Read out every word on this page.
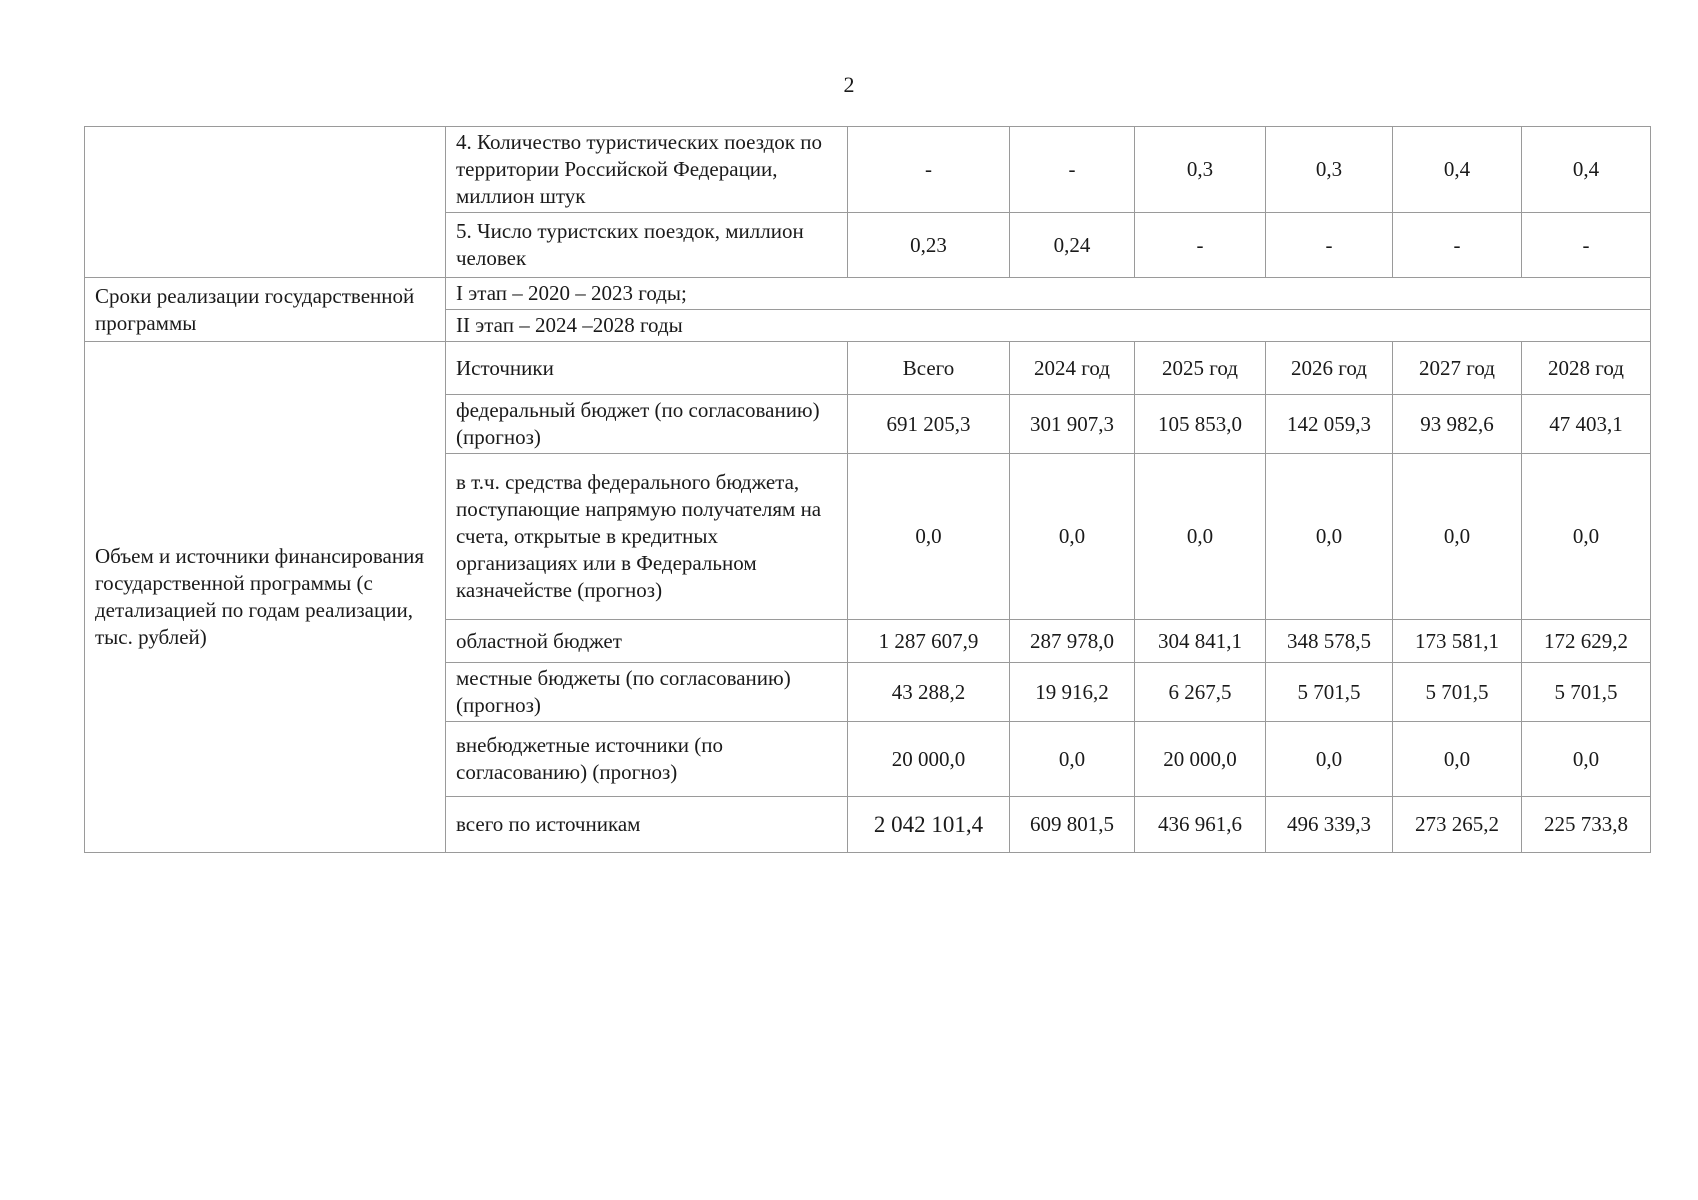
2
	4. Количество туристических поездок по территории Российской Федерации, миллион штук	-	-	0,3	0,3	0,4	0,4
	5. Число туристских поездок, миллион человек	0,23	0,24	-	-	-	-
Сроки реализации государственной программы	I этап – 2020 – 2023 годы;						
	II этап – 2024 –2028 годы						
Объем и источники финансирования государственной программы (с детализацией по годам реализации, тыс. рублей)	Источники	Всего	2024 год	2025 год	2026 год	2027 год	2028 год
	федеральный бюджет (по согласованию) (прогноз)	691 205,3	301 907,3	105 853,0	142 059,3	93 982,6	47 403,1
	в т.ч. средства федерального бюджета, поступающие напрямую получателям на счета, открытые в кредитных организациях или в Федеральном казначействе (прогноз)	0,0	0,0	0,0	0,0	0,0	0,0
	областной бюджет	1 287 607,9	287 978,0	304 841,1	348 578,5	173 581,1	172 629,2
	местные бюджеты (по согласованию) (прогноз)	43 288,2	19 916,2	6 267,5	5 701,5	5 701,5	5 701,5
	внебюджетные источники (по согласованию) (прогноз)	20 000,0	0,0	20 000,0	0,0	0,0	0,0
	всего по источникам	2 042 101,4	609 801,5	436 961,6	496 339,3	273 265,2	225 733,8
